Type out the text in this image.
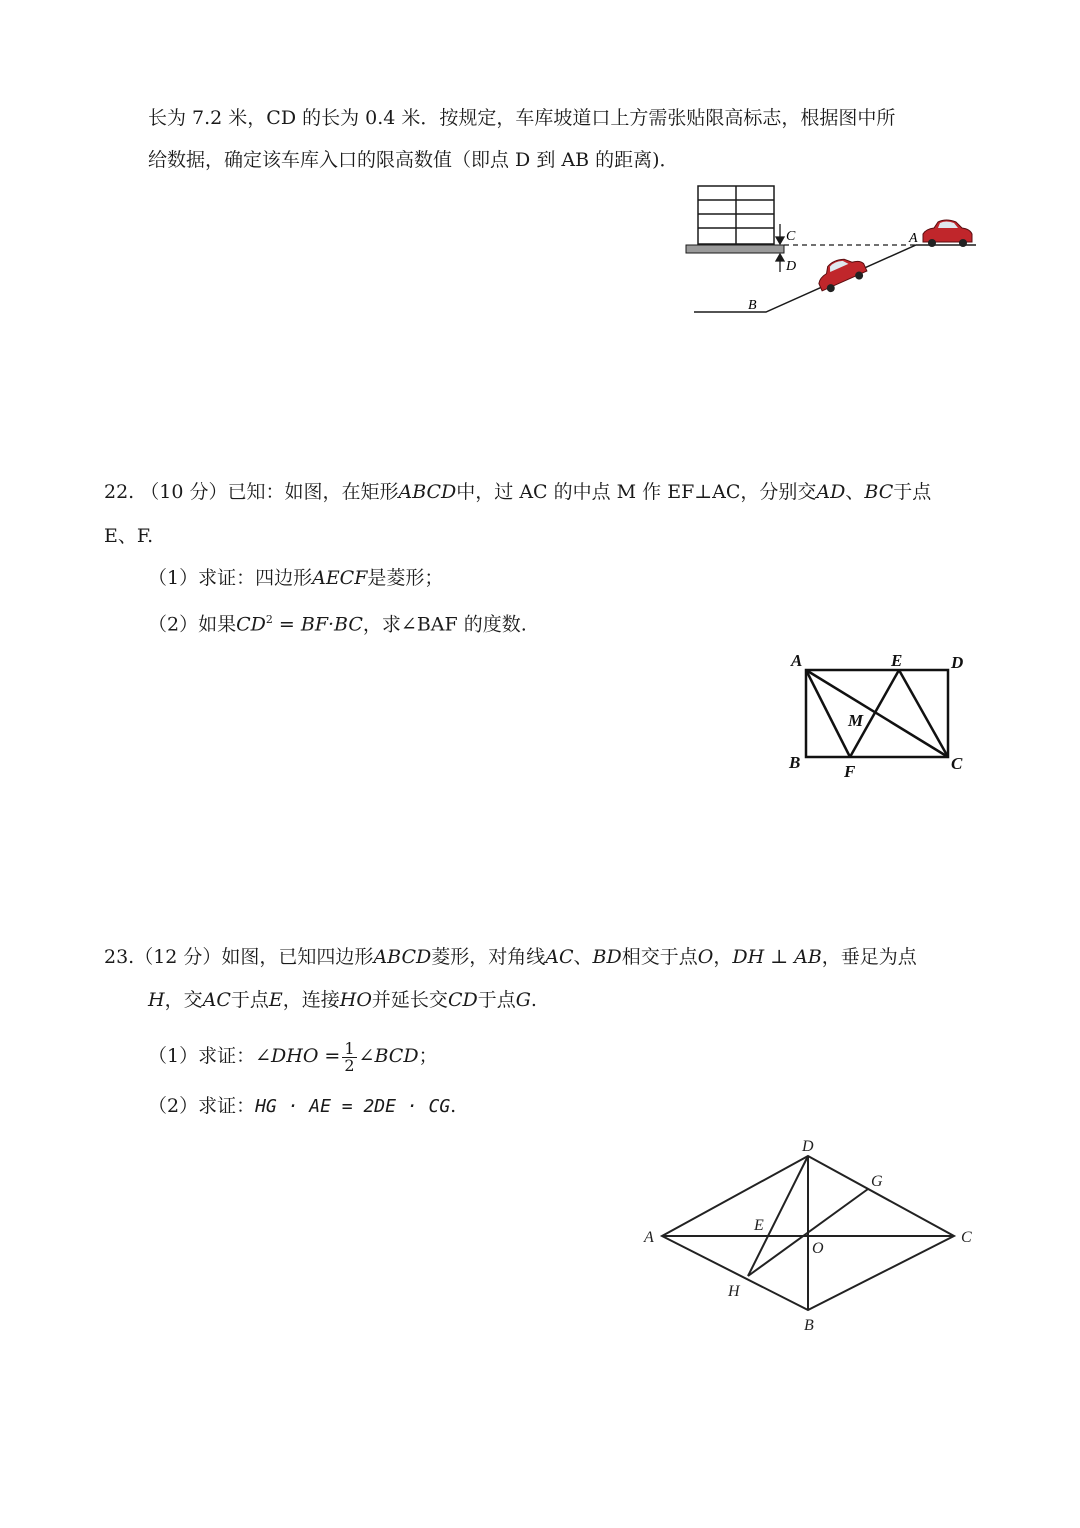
长为 7.2 米，CD 的长为 0.4 米．按规定，车库坡道口上方需张贴限高标志，根据图中所
给数据，确定该车库入口的限高数值（即点 D 到 AB 的距离)．
C
D
A
B
22. （10 分）已知：如图，在矩形ABCD中，过 AC 的中点 M 作 EF⊥AC，分别交AD、BC于点
E、F.
（1）求证：四边形AECF是菱形；
（2）如果$CD^2 = BF\cdot BC$，求∠BAF 的度数.
A	E	D
M
B	F	C
23.（12 分）如图，已知四边形ABCD菱形，对角线AC、BD相交于点O，DH ⊥ AB，垂足为点
H，交AC于点E，连接HO并延长交CD于点G.
（1）求证：∠DHO = $\frac{1}{2}$ ∠BCD；
（2）求证：HG · AE = 2DE · CG.
D
G
A
E
O
C
H
B
